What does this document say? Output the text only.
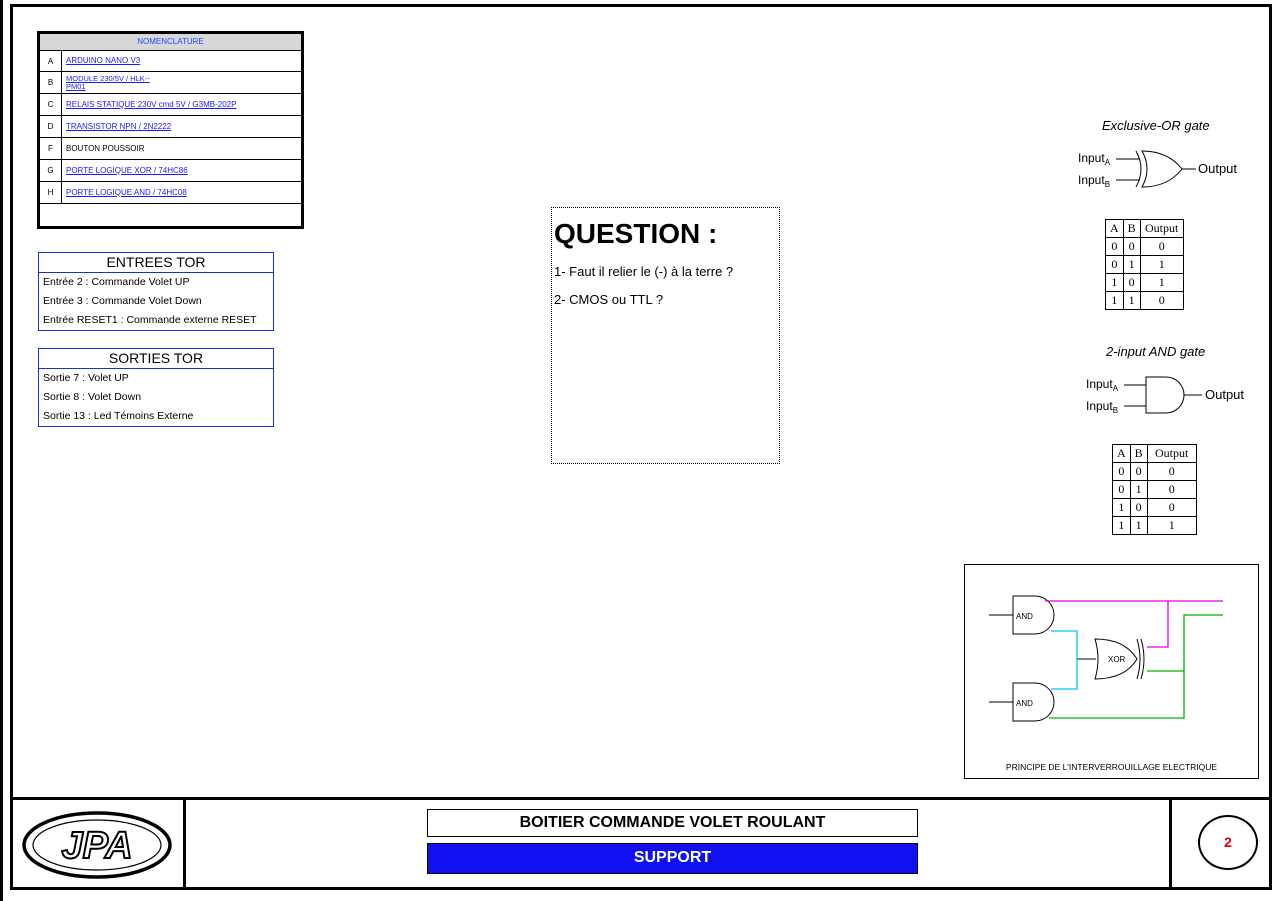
NOMENCLATURE
A	ARDUINO NANO V3
B	MODULE 230/5V / HLK--
PM01
C	RELAIS STATIQUE 230V cmd 5V / G3MB-202P
D	TRANSISTOR NPN / 2N2222
F	BOUTON POUSSOIR
G	PORTE LOGIQUE XOR / 74HC86
H	PORTE LOGIQUE AND / 74HC08
ENTREES TOR
Entrée 2 : Commande Volet UP
Entrée 3 : Commande Volet Down
Entrée RESET1 : Commande externe RESET
SORTIES TOR
Sortie 7 : Volet UP
Sortie 8 : Volet Down
Sortie 13 : Led Témoins Externe
QUESTION :
1- Faut il relier le (-) à la terre ?
2- CMOS ou TTL ?
Exclusive-OR gate
Input$_A$
Input$_B$
Output
A	B	Output
0	0	0
0	1	1
1	0	1
1	1	0
2-input AND gate
Input$_A$
Input$_B$
Output
A	B	Output
0	0	0
0	1	0
1	0	0
1	1	1
AND
AND
XOR
PRINCIPE DE L'INTERVERROUILLAGE ELECTRIQUE
JPA
BOITIER COMMANDE VOLET ROULANT
SUPPORT
2
